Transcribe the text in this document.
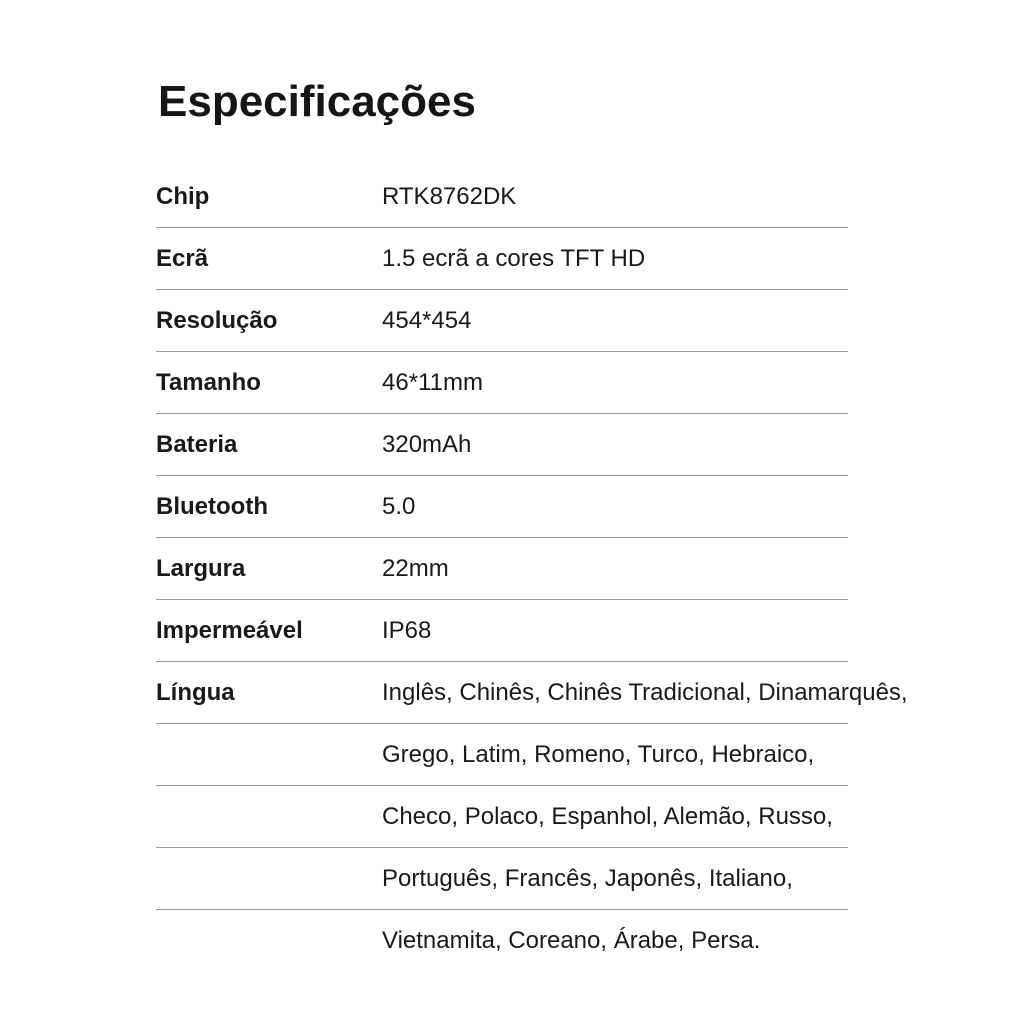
Especificações
Chip	RTK8762DK
Ecrã	1.5 ecrã a cores TFT HD
Resolução	454*454
Tamanho	46*11mm
Bateria	320mAh
Bluetooth	5.0
Largura	22mm
Impermeável	IP68
Língua	Inglês, Chinês, Chinês Tradicional, Dinamarquês,
Grego, Latim, Romeno, Turco, Hebraico,
Checo, Polaco, Espanhol, Alemão, Russo,
Português, Francês, Japonês, Italiano,
Vietnamita, Coreano, Árabe, Persa.
